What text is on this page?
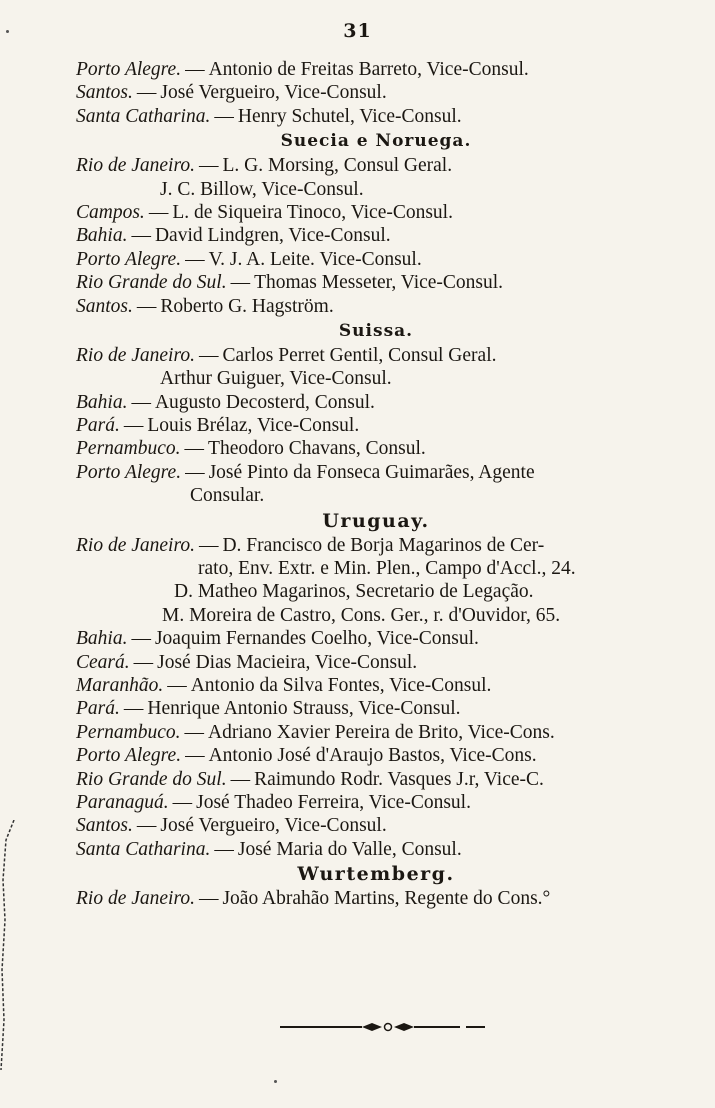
31
Porto Alegre. — Antonio de Freitas Barreto, Vice-Consul.
Santos. — José Vergueiro, Vice-Consul.
Santa Catharina. — Henry Schutel, Vice-Consul.
Suecia e Noruega.
Rio de Janeiro. — L. G. Morsing, Consul Geral.
J. C. Billow, Vice-Consul.
Campos. — L. de Siqueira Tinoco, Vice-Consul.
Bahia. — David Lindgren, Vice-Consul.
Porto Alegre. — V. J. A. Leite. Vice-Consul.
Rio Grande do Sul. — Thomas Messeter, Vice-Consul.
Santos. — Roberto G. Hagström.
Suissa.
Rio de Janeiro. — Carlos Perret Gentil, Consul Geral.
Arthur Guiguer, Vice-Consul.
Bahia. — Augusto Decosterd, Consul.
Pará. — Louis Brélaz, Vice-Consul.
Pernambuco. — Theodoro Chavans, Consul.
Porto Alegre. — José Pinto da Fonseca Guimarães, Agente
Consular.
Uruguay.
Rio de Janeiro. — D. Francisco de Borja Magarinos de Cer-
rato, Env. Extr. e Min. Plen., Campo d'Accl., 24.
D. Matheo Magarinos, Secretario de Legação.
M. Moreira de Castro, Cons. Ger., r. d'Ouvidor, 65.
Bahia. — Joaquim Fernandes Coelho, Vice-Consul.
Ceará. — José Dias Macieira, Vice-Consul.
Maranhão. — Antonio da Silva Fontes, Vice-Consul.
Pará. — Henrique Antonio Strauss, Vice-Consul.
Pernambuco. — Adriano Xavier Pereira de Brito, Vice-Cons.
Porto Alegre. — Antonio José d'Araujo Bastos, Vice-Cons.
Rio Grande do Sul. — Raimundo Rodr. Vasques J.r, Vice-C.
Paranaguá. — José Thadeo Ferreira, Vice-Consul.
Santos. — José Vergueiro, Vice-Consul.
Santa Catharina. — José Maria do Valle, Consul.
Wurtemberg.
Rio de Janeiro. — João Abrahão Martins, Regente do Cons.°
